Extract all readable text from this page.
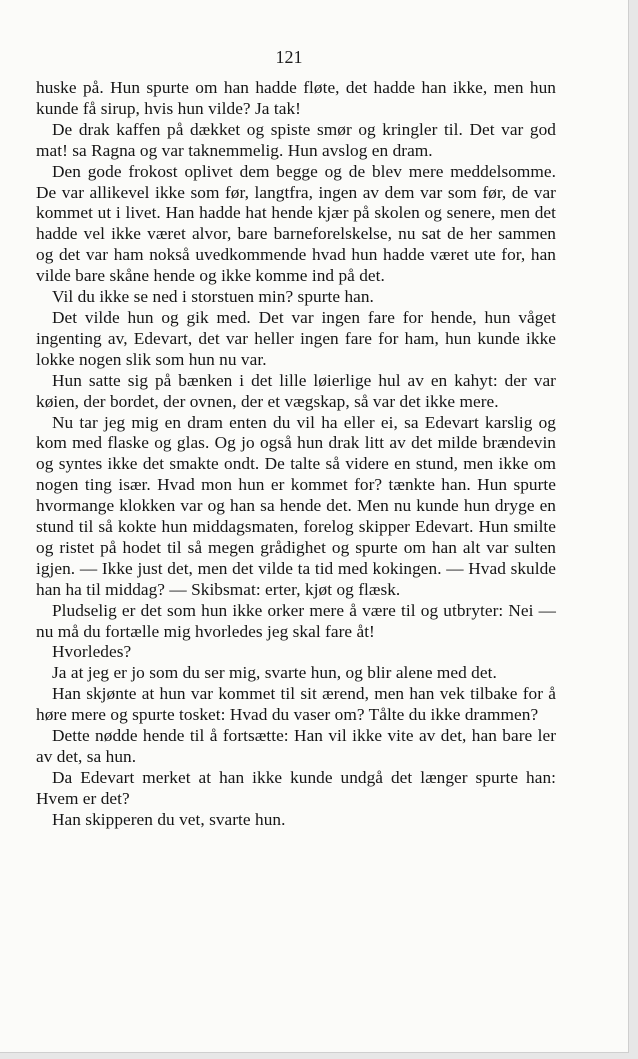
121

huske på. Hun spurte om han hadde fløte, det hadde han ikke, men hun kunde få sirup, hvis hun vilde? Ja tak!

De drak kaffen på dækket og spiste smør og kringler til. Det var god mat! sa Ragna og var taknemmelig. Hun avslog en dram.

Den gode frokost oplivet dem begge og de blev mere meddelsomme. De var allikevel ikke som før, langtfra, ingen av dem var som før, de var kommet ut i livet. Han hadde hat hende kjær på skolen og senere, men det hadde vel ikke været alvor, bare barneforelskelse, nu sat de her sammen og det var ham nokså uvedkommende hvad hun hadde været ute for, han vilde bare skåne hende og ikke komme ind på det.

Vil du ikke se ned i storstuen min? spurte han.

Det vilde hun og gik med. Det var ingen fare for hende, hun våget ingenting av, Edevart, det var heller ingen fare for ham, hun kunde ikke lokke nogen slik som hun nu var.

Hun satte sig på bænken i det lille løierlige hul av en kahyt: der var køien, der bordet, der ovnen, der et vægskap, så var det ikke mere.

Nu tar jeg mig en dram enten du vil ha eller ei, sa Edevart karslig og kom med flaske og glas. Og jo også hun drak litt av det milde brændevin og syntes ikke det smakte ondt. De talte så videre en stund, men ikke om nogen ting især. Hvad mon hun er kommet for? tænkte han. Hun spurte hvormange klokken var og han sa hende det. Men nu kunde hun dryge en stund til så kokte hun middagsmaten, forelog skipper Edevart. Hun smilte og ristet på hodet til så megen grådighet og spurte om han alt var sulten igjen. — Ikke just det, men det vilde ta tid med kokingen. — Hvad skulde han ha til middag? — Skibsmat: erter, kjøt og flæsk.

Pludselig er det som hun ikke orker mere å være til og utbryter: Nei — nu må du fortælle mig hvorledes jeg skal fare åt!

Hvorledes?

Ja at jeg er jo som du ser mig, svarte hun, og blir alene med det.

Han skjønte at hun var kommet til sit ærend, men han vek tilbake for å høre mere og spurte tosket: Hvad du vaser om? Tålte du ikke drammen?

Dette nødde hende til å fortsætte: Han vil ikke vite av det, han bare ler av det, sa hun.

Da Edevart merket at han ikke kunde undgå det længer spurte han: Hvem er det?

Han skipperen du vet, svarte hun.
